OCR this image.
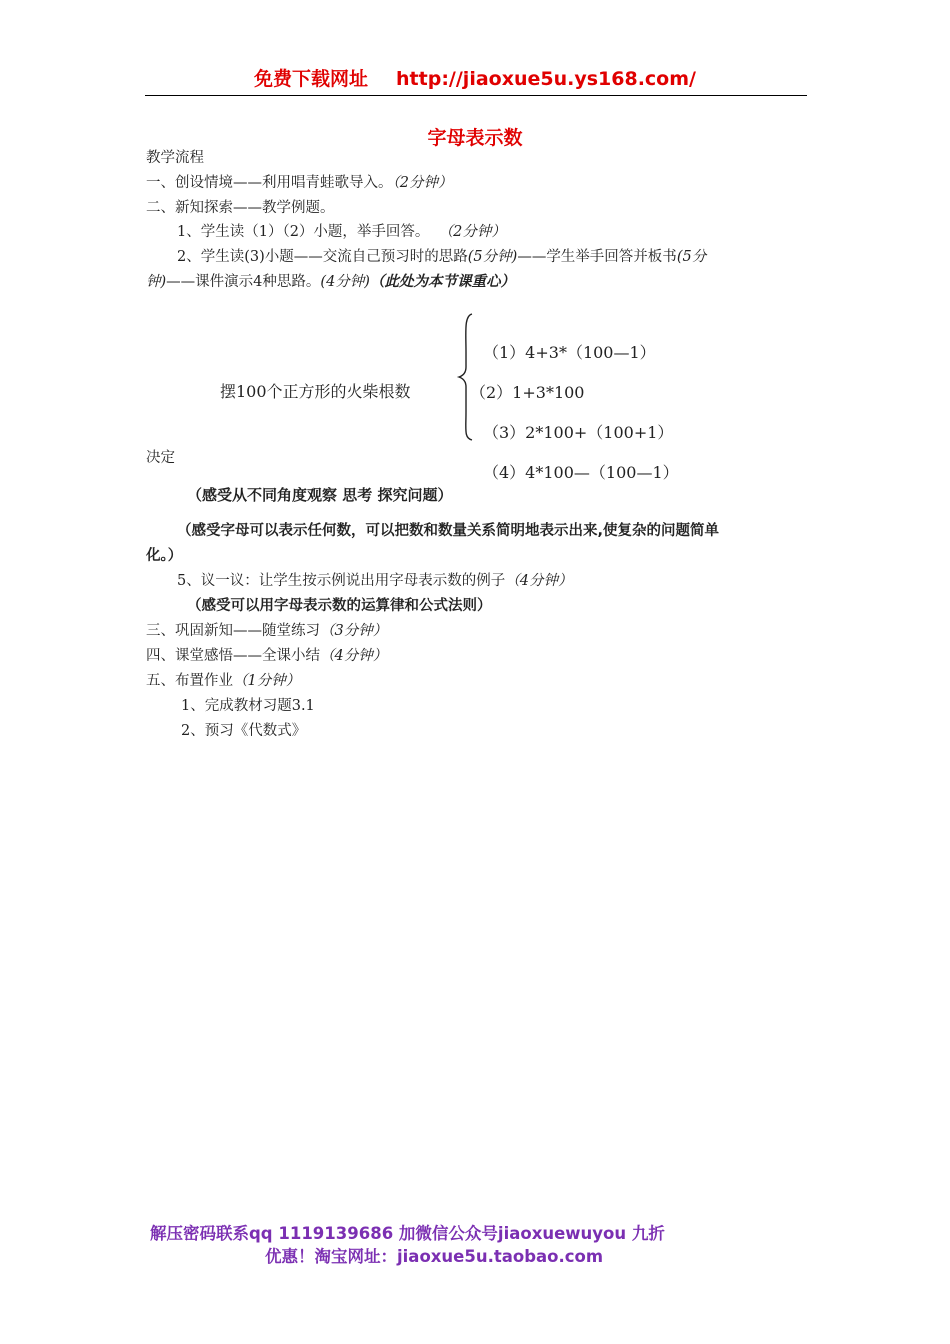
免费下载网址 http://jiaoxue5u.ys168.com/
字母表示数
教学流程
一、创设情境——利用唱青蛙歌导入。（2分钟）
二、新知探索——教学例题。
1、学生读（1）（2）小题，举手回答。 （2分钟）
2、学生读(3)小题——交流自己预习时的思路(5分钟)——学生举手回答并板书(5分
钟)——课件演示4种思路。(4分钟)（此处为本节课重心）
摆100个正方形的火柴根数
（1）4+3*（100—1）
（2）1+3*100
（3）2*100+（100+1）
决定
（4）4*100—（100—1）
（感受从不同角度观察 思考 探究问题）
（感受字母可以表示任何数，可以把数和数量关系简明地表示出来,使复杂的问题简单
化。）
5、议一议：让学生按示例说出用字母表示数的例子（4分钟）
（感受可以用字母表示数的运算律和公式法则）
三、巩固新知——随堂练习（3分钟）
四、课堂感悟——全课小结（4分钟）
五、布置作业（1分钟）
1、完成教材习题3.1
2、预习《代数式》
解压密码联系qq 1119139686 加微信公众号jiaoxuewuyou 九折
优惠！淘宝网址：jiaoxue5u.taobao.com
